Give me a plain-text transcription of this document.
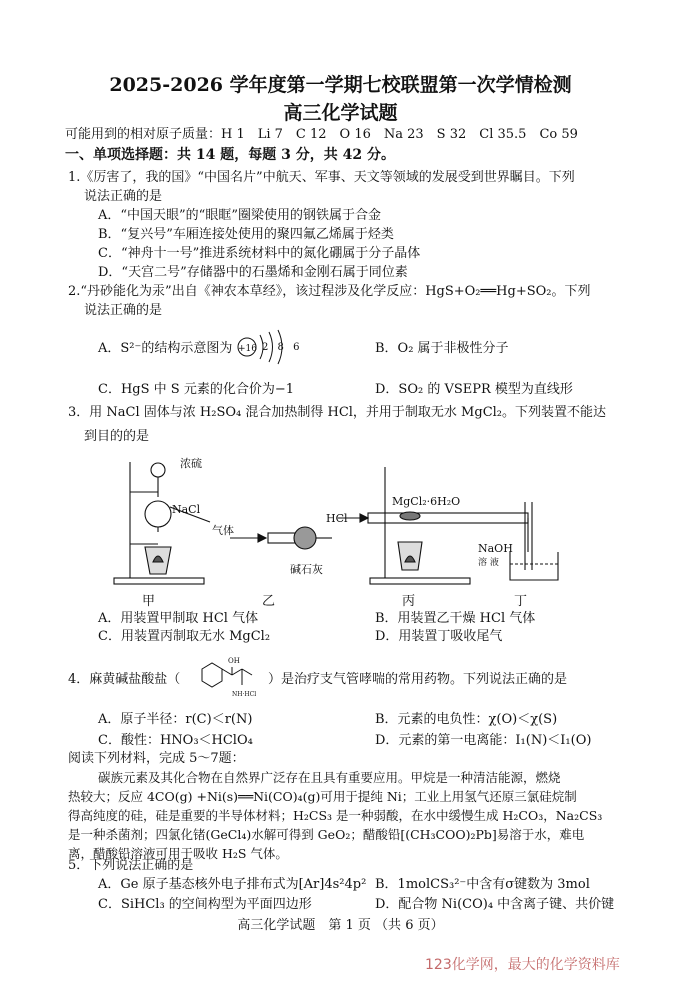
2025-2026 学年度第一学期七校联盟第一次学情检测
高三化学试题
可能用到的相对原子质量：H 1　Li 7　C 12　O 16　Na 23　S 32　Cl 35.5　Co 59
一、单项选择题：共 14 题，每题 3 分，共 42 分。
1.《厉害了，我的国》“中国名片”中航天、军事、天文等领域的发展受到世界瞩目。下列
说法正确的是
A．“中国天眼”的“眼眶”圈梁使用的钢铁属于合金
B．“复兴号”车厢连接处使用的聚四氟乙烯属于烃类
C．“神舟十一号”推进系统材料中的氮化硼属于分子晶体
D．“天宫二号”存储器中的石墨烯和金刚石属于同位素
2.“丹砂能化为汞”出自《神农本草经》，该过程涉及化学反应：HgS+O₂══Hg+SO₂。下列
说法正确的是
A．S²⁻的结构示意图为 +16 2 8 6	B．O₂ 属于非极性分子
C．HgS 中 S 元素的化合价为−1	D．SO₂ 的 VSEPR 模型为直线形
3．用 NaCl 固体与浓 H₂SO₄ 混合加热制得 HCl，并用于制取无水 MgCl₂。下列装置不能达
到目的的是
浓硫
NaCl
气体
碱石灰
HCl
MgCl₂·6H₂O
NaOH
溶 液
甲	乙	丙	丁
A．用装置甲制取 HCl 气体	B．用装置乙干燥 HCl 气体
C．用装置丙制取无水 MgCl₂	D．用装置丁吸收尾气
4．麻黄碱盐酸盐（
OH
NH·HCl
）是治疗支气管哮喘的常用药物。下列说法正确的是
A．原子半径：r(C)＜r(N)	B．元素的电负性：χ(O)＜χ(S)
C．酸性：HNO₃＜HClO₄	D．元素的第一电离能：I₁(N)＜I₁(O)
阅读下列材料，完成 5～7题：
碳族元素及其化合物在自然界广泛存在且具有重要应用。甲烷是一种清洁能源，燃烧
热较大；反应 4CO(g) +Ni(s)══Ni(CO)₄(g)可用于提纯 Ni；工业上用氢气还原三氯硅烷制
得高纯度的硅，硅是重要的半导体材料；H₂CS₃ 是一种弱酸，在水中缓慢生成 H₂CO₃，Na₂CS₃
是一种杀菌剂；四氯化锗(GeCl₄)水解可得到 GeO₂；醋酸铅[(CH₃COO)₂Pb]易溶于水，难电
离，醋酸铅溶液可用于吸收 H₂S 气体。
5．下列说法正确的是
A．Ge 原子基态核外电子排布式为[Ar]4s²4p² B．1molCS₃²⁻中含有σ键数为 3mol
C．SiHCl₃ 的空间构型为平面四边形	D．配合物 Ni(CO)₄ 中含离子键、共价键
高三化学试题　第 1 页 （共 6 页）
123化学网，最大的化学资料库
